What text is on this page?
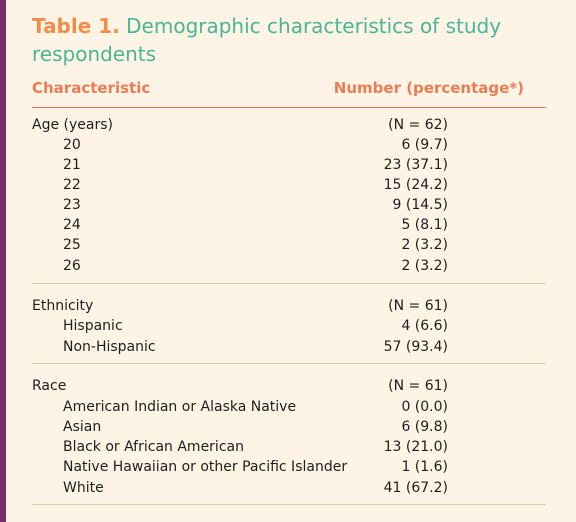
Table 1. Demographic characteristics of study respondents
Characteristic	Number (percentage*)
Age (years)	(N = 62)
20	6 (9.7)
21	23 (37.1)
22	15 (24.2)
23	9 (14.5)
24	5 (8.1)
25	2 (3.2)
26	2 (3.2)
Ethnicity	(N = 61)
Hispanic	4 (6.6)
Non-Hispanic	57 (93.4)
Race	(N = 61)
American Indian or Alaska Native	0 (0.0)
Asian	6 (9.8)
Black or African American	13 (21.0)
Native Hawaiian or other Pacific Islander	1 (1.6)
White	41 (67.2)
